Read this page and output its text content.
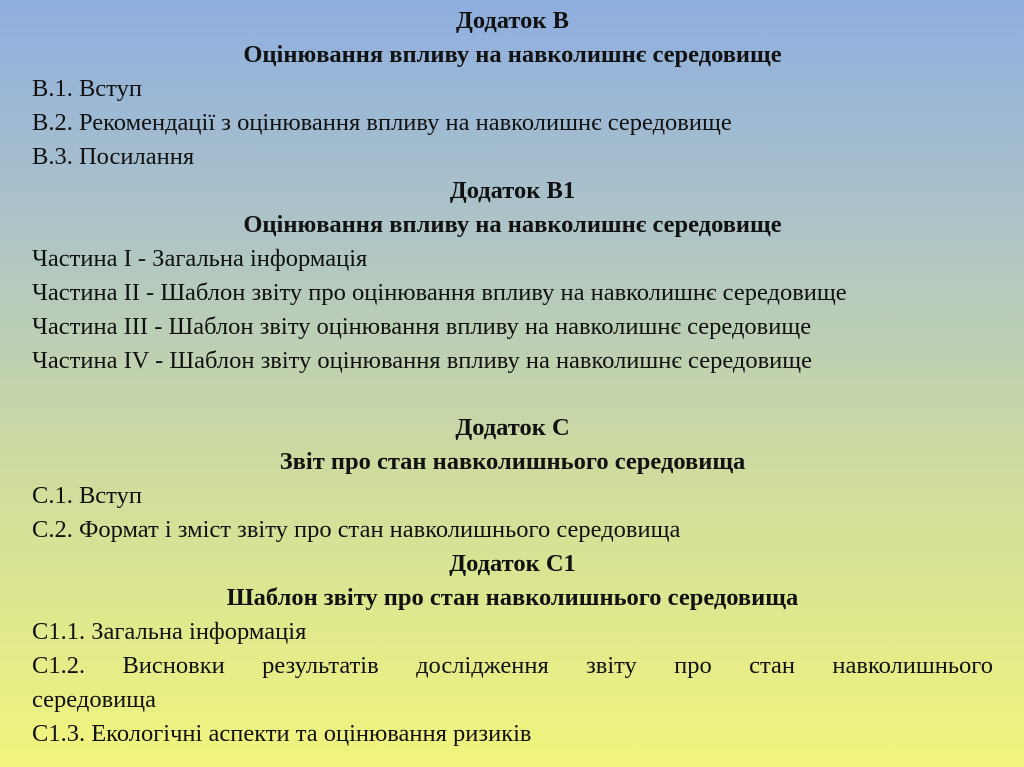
Додаток В
Оцінювання впливу на навколишнє середовище
В.1. Вступ
В.2. Рекомендації з оцінювання впливу на навколишнє середовище
В.3. Посилання
Додаток В1
Оцінювання впливу на навколишнє середовище
Частина I - Загальна інформація
Частина II - Шаблон звіту про оцінювання впливу на навколишнє середовище
Частина III - Шаблон звіту оцінювання впливу на навколишнє середовище
Частина IV - Шаблон звіту оцінювання впливу на навколишнє середовище
Додаток С
Звіт про стан навколишнього середовища
С.1. Вступ
С.2. Формат і зміст звіту про стан навколишнього середовища
Додаток С1
Шаблон звіту про стан навколишнього середовища
С1.1. Загальна інформація
С1.2. Висновки результатів дослідження звіту про стан навколишнього
середовища
С1.3. Екологічні аспекти та оцінювання ризиків
